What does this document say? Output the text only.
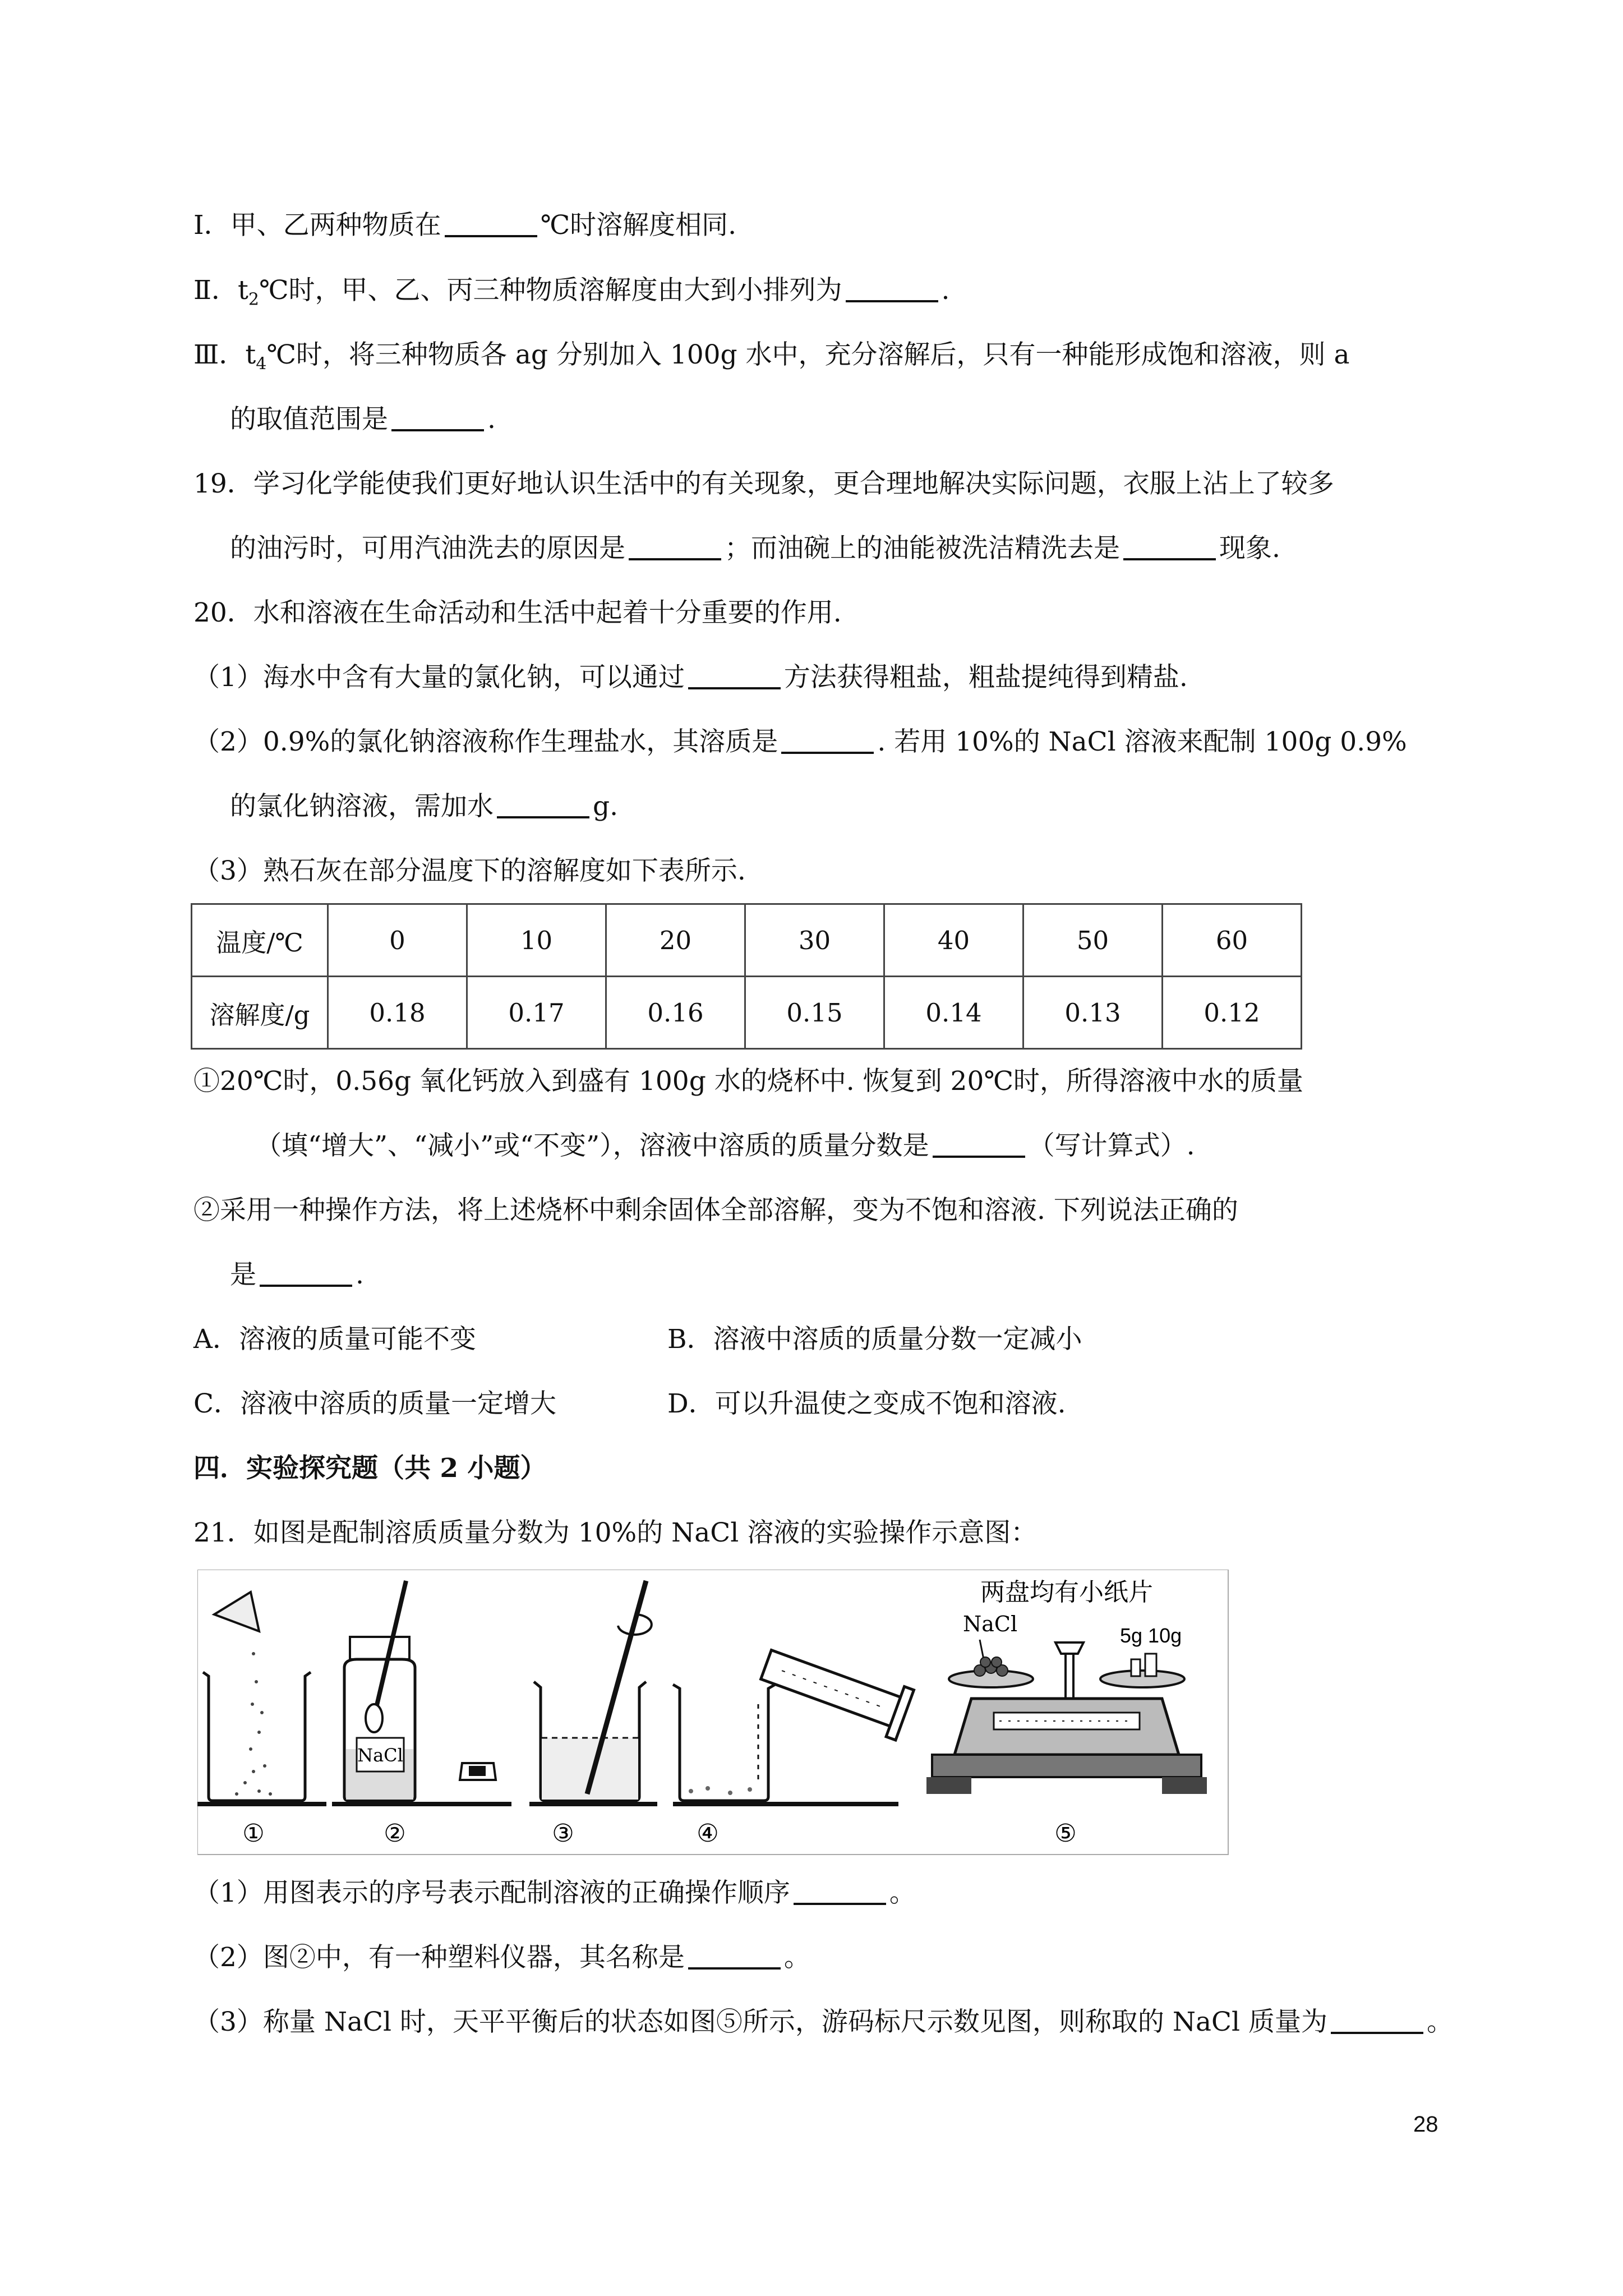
Ⅰ．甲、乙两种物质在	℃时溶解度相同.
Ⅱ．$t_2℃$时，甲、乙、丙三种物质溶解度由大到小排列为	.
Ⅲ．$t_4℃$时，将三种物质各 ag 分别加入 100g 水中，充分溶解后，只有一种能形成饱和溶液，则 a
的取值范围是	.
19．学习化学能使我们更好地认识生活中的有关现象，更合理地解决实际问题，衣服上沾上了较多
的油污时，可用汽油洗去的原因是	；而油碗上的油能被洗洁精洗去是	现象.
20．水和溶液在生命活动和生活中起着十分重要的作用.
（1）海水中含有大量的氯化钠，可以通过	方法获得粗盐，粗盐提纯得到精盐.
（2）0.9%的氯化钠溶液称作生理盐水，其溶质是	. 若用 10%的 NaCl 溶液来配制 100g 0.9%
的氯化钠溶液，需加水	g.
（3）熟石灰在部分温度下的溶解度如下表所示.
温度/℃	0	10	20	30	40	50	60
溶解度/g	0.18	0.17	0.16	0.15	0.14	0.13	0.12
①20℃时，0.56g 氧化钙放入到盛有 100g 水的烧杯中. 恢复到 20℃时，所得溶液中水的质量
（填“增大”、“减小”或“不变”），溶液中溶质的质量分数是	（写计算式）.
②采用一种操作方法，将上述烧杯中剩余固体全部溶解，变为不饱和溶液. 下列说法正确的
是	.
A．溶液的质量可能不变	B．溶液中溶质的质量分数一定减小
C．溶液中溶质的质量一定增大	D．可以升温使之变成不饱和溶液.
四．实验探究题（共 2 小题）
21．如图是配制溶质质量分数为 10%的 NaCl 溶液的实验操作示意图：
NaCl
两盘均有小纸片
NaCl	5g 10g
①	②	③	④	⑤
（1）用图表示的序号表示配制溶液的正确操作顺序	。
（2）图②中，有一种塑料仪器，其名称是	。
（3）称量 NaCl 时，天平平衡后的状态如图⑤所示，游码标尺示数见图，则称取的 NaCl 质量为	。
28
